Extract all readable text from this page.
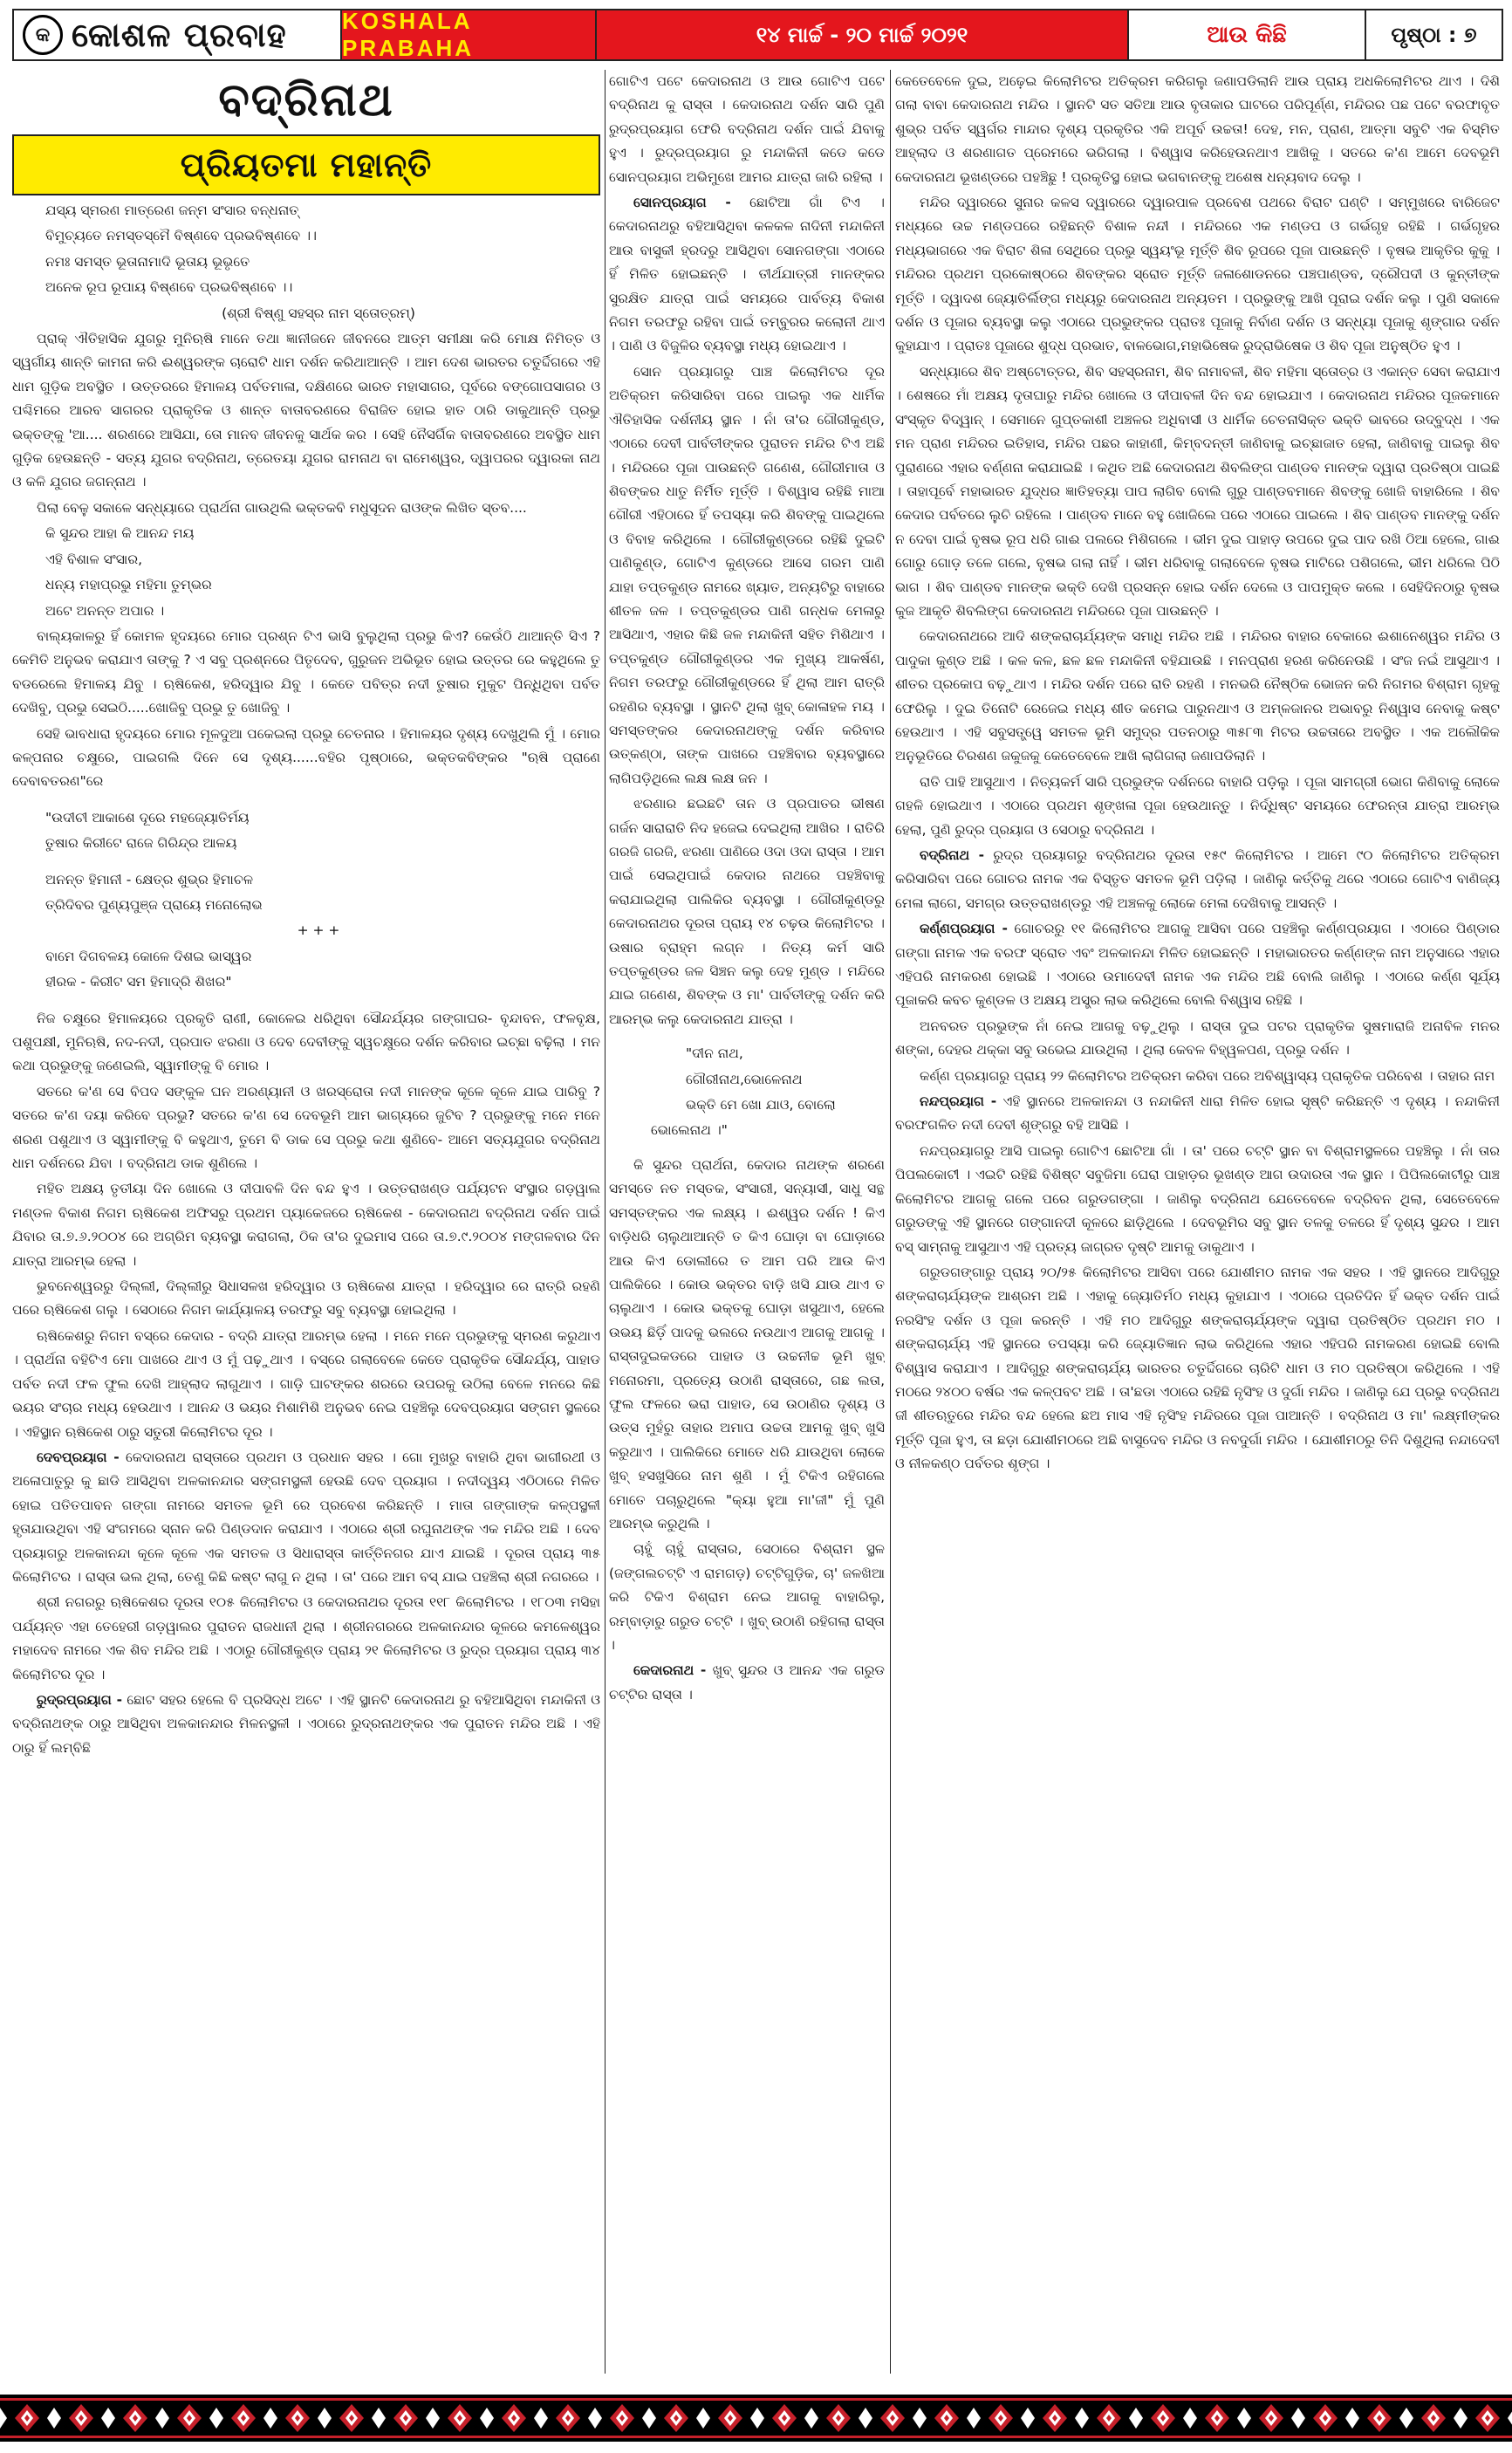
କ କୋଶଳ ପ୍ରବାହ KOSHALA PRABAHA	୧୪ ମାର୍ଚ୍ଚ - ୨୦ ମାର୍ଚ୍ଚ ୨୦୨୧	ଆଉ କିଛି	ପୃଷ୍ଠା : ୭
ବଦ୍ରିନାଥ
ପ୍ରିୟତମା ମହାନ୍ତି

ଯସ୍ୟ ସ୍ମରଣ ମାତ୍ରେଣ ଜନ୍ମ ସଂସାର ବନ୍ଧନାତ୍

ବିମୁଚ୍ୟତେ ନମସ୍ତସ୍ମୈ ବିଷ୍ଣବେ ପ୍ରଭବିଷ୍ଣବେ ।।

ନମଃ ସମସ୍ତ ଭୂତାନାମାଦି ଭୂତାୟ ଭୂଭୃତେ

ଅନେକ ରୂପ ରୂପାୟ ବିଷ୍ଣବେ ପ୍ରଭବିଷ୍ଣବେ ।।

(ଶ୍ରୀ ବିଷ୍ଣୁ ସହସ୍ର ନାମ ସ୍ତୋତ୍ରମ୍)

ପ୍ରାକ୍ ଐତିହାସିକ ଯୁଗରୁ ମୁନିଋଷି ମାନେ ତଥା ଜ୍ଞାନୀଜନେ ଜୀବନରେ ଆତ୍ମ ସମୀକ୍ଷା କରି ମୋକ୍ଷ ନିମିତ୍ତ ଓ ସ୍ୱର୍ଗୀୟ ଶାନ୍ତି କାମନା କରି ଈଶ୍ୱରଙ୍କ ଚାରୋଟି ଧାମ ଦର୍ଶନ କରିଥାଆନ୍ତି । ଆମ ଦେଶ ଭାରତର ଚତୁର୍ଦ୍ଦିଗରେ ଏହି ଧାମ ଗୁଡ଼ିକ ଅବସ୍ଥିତ । ଉତ୍ତରରେ ହିମାଳୟ ପର୍ବତମାଳା, ଦକ୍ଷିଣରେ ଭାରତ ମହାସାଗର, ପୂର୍ବରେ ବଙ୍ଗୋପସାଗର ଓ ପଶ୍ଚିମରେ ଆରବ ସାଗରର ପ୍ରାକୃତିକ ଓ ଶାନ୍ତ ବାତାବରଣରେ ବିରାଜିତ ହୋଇ ହାତ ଠାରି ଡାକୁଥାନ୍ତି ପ୍ରଭୁ ଭକ୍ତଙ୍କୁ 'ଆ.... ଶରଣରେ ଆସିଯା, ତୋ ମାନବ ଜୀବନକୁ ସାର୍ଥକ କର । ସେହି ନୈସର୍ଗିକ ବାତାବରଣରେ ଅବସ୍ଥିତ ଧାମ ଗୁଡ଼ିକ ହେଉଛନ୍ତି - ସତ୍ୟ ଯୁଗର ବଦ୍ରିନାଥ, ତ୍ରେତୟା ଯୁଗର ରାମନାଥ ବା ରାମେଶ୍ୱର, ଦ୍ୱାପରର ଦ୍ୱାରକା ନାଥ ଓ କଳି ଯୁଗର ଜଗନ୍ନାଥ ।

ପିଲା ବେଳୁ ସକାଳେ ସନ୍ଧ୍ୟାରେ ପ୍ରାର୍ଥନା ଗାଉଥିଲି ଭକ୍ତକବି ମଧୁସୂଦନ ରାଓଙ୍କ ଲିଖିତ ସ୍ତବ....

କି ସୁନ୍ଦର ଆହା କି ଆନନ୍ଦ ମୟ

ଏହି ବିଶାଳ ସଂସାର,

ଧନ୍ୟ ମହାପ୍ରଭୁ ମହିମା ତୁମ୍ଭର

ଅଟେ ଅନନ୍ତ ଅପାର ।

ବାଲ୍ୟକାଳରୁ ହିଁ କୋମଳ ହୃଦୟରେ ମୋର ପ୍ରଶ୍ନ ଟିଏ ଭାସି ବୁଲୁଥିଲା ପ୍ରଭୁ କିଏ? କେଉଁଠି ଥାଆନ୍ତି ସିଏ ? କେମିତି ଅନୁଭବ କରାଯାଏ ତାଙ୍କୁ ? ଏ ସବୁ ପ୍ରଶ୍ନରେ ପିତୃଦେବ, ଗୁରୁଜନ ଅଭିଭୂତ ହୋଇ ଉତ୍ତର ରେ କହୁଥିଲେ ତୁ ବଡରେଲେ ହିମାଳୟ ଯିବୁ । ଋଷିକେଶ, ହରିଦ୍ୱାର ଯିବୁ । କେତେ ପବିତ୍ର ନଦୀ ତୁଷାର ମୁକୁଟ ପିନ୍ଧିଥିବା ପର୍ବତ ଦେଖିବୁ, ପ୍ରଭୁ ସେଇଠି.....ଖୋଜିବୁ ପ୍ରଭୁ ତୁ ଖୋଜିବୁ ।

ସେହି ଭାବଧାରା ହୃଦୟରେ ମୋର ମୂଳଦୁଆ ପକେଇଲା ପ୍ରଭୁ ଚେତନାର । ହିମାଳୟର ଦୃଶ୍ୟ ଦେଖୁଥିଲି ମୁଁ । ମୋର କଳ୍ପନାର ଚକ୍ଷୁରେ, ପାଇଗଲି ଦିନେ ସେ ଦୃଶ୍ୟ......ବହିର ପୃଷ୍ଠାରେ, ଭକ୍ତକବିଙ୍କର "ଋଷି ପ୍ରାଣେ ଦେବାବତରଣ"ରେ

"ଉଦୀଚୀ ଆକାଶେ ଦୂରେ ମହଜ୍ୟୋତିର୍ମୟ

ତୁଷାର କିରୀଟେ ରାଜେ ଗିରିନ୍ଦ୍ର ଆଳୟ

ଅନନ୍ତ ହିମାନୀ - କ୍ଷେତ୍ର ଶୁଭ୍ର ହିମାଚଳ

ତ୍ରିଦିବର ପୁଣ୍ୟପୁଞ୍ଜ ପ୍ରାୟେ ମନୋଲୋଭ

+ + +

ବାମେ ଦିଗବଳୟ କୋଳେ ଦିଶଇ ଭାସ୍ୱର

ହୀରକ - କିରୀଟ ସମ ହିମାଦ୍ରି ଶିଖର"

ନିଜ ଚକ୍ଷୁରେ ହିମାଳୟରେ ପ୍ରକୃତି ରାଣୀ, କୋଳେଇ ଧରିଥିବା ସୌନ୍ଦର୍ଯ୍ୟର ଗଙ୍ଗାଘର- ବୃନ୍ଦାବନ, ଫଳବୃକ୍ଷ, ପଶୁପକ୍ଷୀ, ମୁନିଋଷି, ନଦ-ନଦୀ, ପ୍ରପାତ ଝରଣା ଓ ଦେବ ଦେବୀଙ୍କୁ ସ୍ୱଚକ୍ଷୁରେ ଦର୍ଶନ କରିବାର ଇଚ୍ଛା ବଢ଼ିଲା । ମନ କଥା ପ୍ରଭୁଙ୍କୁ ଜଣେଇଲି, ସ୍ୱାମୀଙ୍କୁ ବି ମୋର ।

ସତରେ କ'ଣ ସେ ବିପଦ ସଙ୍କୁଳ ଘନ ଅରଣ୍ୟାନୀ ଓ ଖରସ୍ରୋତା ନଦୀ ମାନଙ୍କ କୂଳେ କୂଳେ ଯାଇ ପାରିବୁ ? ସତରେ କ'ଣ ଦୟା କରିବେ ପ୍ରଭୁ? ସତରେ କ'ଣ ସେ ଦେବଭୂମି ଆମ ଭାଗ୍ୟରେ ଜୁଟିବ ? ପ୍ରଭୁଙ୍କୁ ମନେ ମନେ ଶରଣ ପଶୁଥାଏ ଓ ସ୍ୱାମୀଙ୍କୁ ବି କହୁଥାଏ, ତୁମେ ବି ଡାକ ସେ ପ୍ରଭୁ କଥା ଶୁଣିବେ- ଆମେ ସତ୍ୟଯୁଗର ବଦ୍ରିନାଥ ଧାମ ଦର୍ଶନରେ ଯିବା । ବଦ୍ରିନାଥ ଡାକ ଶୁଣିଲେ ।

ମହିତ ଅକ୍ଷୟ ତୃତୀୟା ଦିନ ଖୋଲେ ଓ ଦୀପାବଳି ଦିନ ବନ୍ଦ ହୁଏ । ଉତ୍ତରାଖଣ୍ଡ ପର୍ଯ୍ୟଟନ ସଂସ୍ଥାର ଗଡ଼ୱାଲ ମଣ୍ଡଳ ବିକାଶ ନିଗମ ଋଷିକେଶ ଅଫିସରୁ ପ୍ରଥମ ପ୍ୟାକେଜରେ ଋଷିକେଶ - କେଦାରନାଥ ବଦ୍ରିନାଥ ଦର୍ଶନ ପାଇଁ ଯିବାର ତା.୭.୬.୨୦୦୪ ରେ ଅଗ୍ରିମ ବ୍ୟବସ୍ଥା କରାଗଲା, ଠିକ ତା'ର ଦୁଇମାସ ପରେ ତା.୭.୯.୨୦୦୪ ମଙ୍ଗଳବାର ଦିନ ଯାତ୍ରା ଆରମ୍ଭ ହେଲା ।

ଭୁବନେଶ୍ୱରରୁ ଦିଲ୍ଲୀ, ଦିଲ୍ଲୀରୁ ସିଧାସଳଖ ହରିଦ୍ୱାର ଓ ଋଷିକେଶ ଯାତ୍ରା । ହରିଦ୍ୱାର ରେ ରାତ୍ରି ରହଣି ପରେ ଋଷିକେଶ ଗଲୁ । ସେଠାରେ ନିଗମ କାର୍ଯ୍ୟାଳୟ ତରଫରୁ ସବୁ ବ୍ୟବସ୍ଥା ହୋଇଥିଲା ।

ଋଷିକେଶରୁ ନିଗମ ବସ୍‌ରେ କେଦାର - ବଦ୍ରି ଯାତ୍ରା ଆରମ୍ଭ ହେଲା । ମନେ ମନେ ପ୍ରଭୁଙ୍କୁ ସ୍ମରଣ କରୁଥାଏ । ପ୍ରାର୍ଥନା ବହିଟିଏ ମୋ ପାଖରେ ଥାଏ ଓ ମୁଁ ପଢ଼ୁଥାଏ । ବସ୍‌ରେ ଗଲାବେଳେ କେତେ ପ୍ରାକୃତିକ ସୌନ୍ଦର୍ଯ୍ୟ, ପାହାଡ ପର୍ବତ ନଦୀ ଫଳ ଫୁଲ ଦେଖି ଆହ୍ଲାଦ ଲାଗୁଥାଏ । ଗାଡ଼ି ଘାଟଙ୍କର ଶରରେ ଉପରକୁ ଉଠିଲା ବେଳେ ମନରେ କିଛି ଭୟର ସଂଚାର ମଧ୍ୟ ହେଉଥାଏ । ଆନନ୍ଦ ଓ ଭୟର ମିଶାମିଶି ଅନୁଭବ ନେଇ ପହଞ୍ଚିଲୁ ଦେବପ୍ରୟାଗ ସଙ୍ଗମ ସ୍ଥଳରେ । ଏହିସ୍ଥାନ ଋଷିକେଶ ଠାରୁ ସତୁରୀ କିଲୋମିଟର ଦୂର ।

ଦେବପ୍ରୟାଗ - କେଦାରନାଥ ରାସ୍ତାରେ ପ୍ରଥମ ଓ ପ୍ରଧାନ ସହର । ଗୋ ମୁଖରୁ ବାହାରି ଥିବା ଭାଗୀରଥୀ ଓ ଅଳୋପାତୁରୁ କୁ ଛାଡି ଆସିଥିବା ଅଳକାନନ୍ଦାର ସଙ୍ଗମସ୍ଥଳୀ ହେଉଛି ଦେବ ପ୍ରୟାଗ । ନଦୀଦ୍ୱୟ ଏଠିଠାରେ ମିଳିତ ହୋଇ ପତିତପାବନ ଗଙ୍ଗା ନାମରେ ସମତଳ ଭୂମି ରେ ପ୍ରବେଶ କରିଛନ୍ତି । ମାତା ଗଙ୍ଗାଙ୍କ କଳ୍ପସ୍ଥଳୀ ହୃତାଯାଉଥିବା ଏହି ସଂଗମରେ ସ୍ନାନ କରି ପିଣ୍ଡଦାନ କରାଯାଏ । ଏଠାରେ ଶ୍ରୀ ରଘୁନାଥଙ୍କ ଏକ ମନ୍ଦିର ଅଛି । ଦେବ ପ୍ରୟାଗରୁ ଅଳକାନନ୍ଦା କୂଳେ କୂଳେ ଏକ ସମତଳ ଓ ସିଧାରାସ୍ତା କାର୍ତ୍ତିନଗର ଯାଏ ଯାଇଛି । ଦୂରତା ପ୍ରାୟ ୩୫ କିଲୋମିଟର । ରାସ୍ତା ଭଲ ଥିଲା, ତେଣୁ କିଛି କଷ୍ଟ ଲାଗୁ ନ ଥିଲା । ତା' ପରେ ଆମ ବସ୍ ଯାଇ ପହଞ୍ଚିଲା ଶ୍ରୀ ନଗରରେ ।

ଶ୍ରୀ ନଗରରୁ ଋଷିକେଶର ଦୂରତା ୧୦୫ କିଲୋମିଟର ଓ କେଦାରନାଥର ଦୂରତା ୧୧୮ କିଲୋମିଟର । ୧୮୦୩ ମସିହା ପର୍ଯ୍ୟନ୍ତ ଏହା ତେହେରୀ ଗଡ଼ୱାଲର ପୁରାତନ ରାଜଧାନୀ ଥିଲା । ଶ୍ରୀନଗରରେ ଅଳକାନନ୍ଦାର କୂଳରେ କମଳେଶ୍ୱର ମହାଦେବ ନାମରେ ଏକ ଶିବ ମନ୍ଦିର ଅଛି । ଏଠାରୁ ଗୌରୀକୁଣ୍ଡ ପ୍ରାୟ ୨୧ କିଲୋମିଟର ଓ ରୁଦ୍ର ପ୍ରୟାଗ ପ୍ରାୟ ୩୪ କିଲୋମିଟର ଦୂର ।

ରୁଦ୍ରପ୍ରୟାଗ - ଛୋଟ ସହର ହେଲେ ବି ପ୍ରସିଦ୍ଧ ଅଟେ । ଏହି ସ୍ଥାନଟି କେଦାରନାଥ ରୁ ବହିଆସିଥିବା ମନ୍ଦାକିନୀ ଓ ବଦ୍ରିନାଥଙ୍କ ଠାରୁ ଆସିଥିବା ଅଳକାନନ୍ଦାର ମିଳନସ୍ଥଳୀ । ଏଠାରେ ରୁଦ୍ରନାଥଙ୍କର ଏକ ପୁରାତନ ମନ୍ଦିର ଅଛି । ଏହି ଠାରୁ ହିଁ ଲମ୍ବିଛି

ଗୋଟିଏ ପଟେ କେଦାରନାଥ ଓ ଆଉ ଗୋଟିଏ ପଟେ ବଦ୍ରିନାଥ କୁ ରାସ୍ତା । କେଦାରନାଥ ଦର୍ଶନ ସାରି ପୁଣି ରୁଦ୍ରପ୍ରୟାଗ ଫେରି ବଦ୍ରିନାଥ ଦର୍ଶନ ପାଇଁ ଯିବାକୁ ହୁଏ । ରୁଦ୍ରପ୍ରୟାଗ ରୁ ମନ୍ଦାକିନୀ କଡେ କଡେ ସୋନପ୍ରୟାଗ ଅଭିମୁଖେ ଆମର ଯାତ୍ରା ଜାରି ରହିଲା ।

ସୋନପ୍ରୟାଗ - ଛୋଟିଆ ଗାଁ ଟିଏ । କେଦାରନାଥରୁ ବହିଆସିଥିବା କଳକଳ ନାଦିନୀ ମନ୍ଦାକିନୀ ଆଉ ବାସୁକୀ ହ୍ରଦରୁ ଆସିଥିବା ସୋନଗଙ୍ଗା ଏଠାରେ ହିଁ ମିଳିତ ହୋଇଛନ୍ତି । ତୀର୍ଥଯାତ୍ରୀ ମାନଙ୍କର ସୁରକ୍ଷିତ ଯାତ୍ରା ପାଇଁ ସମୟରେ ପାର୍ବତ୍ୟ ବିକାଶ ନିଗମ ତରଫରୁ ରହିବା ପାଇଁ ତମ୍ବୁରର କଲୋନୀ ଥାଏ । ପାଣି ଓ ବିଜୁଳିର ବ୍ୟବସ୍ଥା ମଧ୍ୟ ହୋଇଥାଏ ।

ସୋନ ପ୍ରୟାଗରୁ ପାଞ୍ଚ କିଲୋମିଟର ଦୂର ଅତିକ୍ରମ କରିସାରିବା ପରେ ପାଇଲୁ ଏକ ଧାର୍ମିକ ଐତିହାସିକ ଦର୍ଶନୀୟ ସ୍ଥାନ । ନାଁ ତା'ର ଗୌରୀକୁଣ୍ଡ, ଏଠାରେ ଦେବୀ ପାର୍ବତୀଙ୍କର ପୁରାତନ ମନ୍ଦିର ଟିଏ ଅଛି । ମନ୍ଦିରରେ ପୂଜା ପାଉଛନ୍ତି ଗଣେଶ, ଗୌରୀମାତା ଓ ଶିବଙ୍କର ଧାତୁ ନିର୍ମିତ ମୂର୍ତ୍ତି । ବିଶ୍ୱାସ ରହିଛି ମାଆ ଗୌରୀ ଏହିଠାରେ ହିଁ ତପସ୍ୟା କରି ଶିବଙ୍କୁ ପାଇଥିଲେ ଓ ବିବାହ କରିଥିଲେ । ଗୌରୀକୁଣ୍ଡରେ ରହିଛି ଦୁଇଟି ପାଣିକୁଣ୍ଡ, ଗୋଟିଏ କୁଣ୍ଡରେ ଆସେ ଗରମ ପାଣି ଯାହା ତପ୍ତକୁଣ୍ଡ ନାମରେ ଖ୍ୟାତ, ଅନ୍ୟଟିରୁ ବାହାରେ ଶୀତଳ ଜଳ । ତପ୍ତକୁଣ୍ଡର ପାଣି ଗନ୍ଧକ ମେଳାରୁ ଆସିଥାଏ, ଏହାର କିଛି ଜଳ ମନ୍ଦାକିନୀ ସହିତ ମିଶିଥାଏ । ତପ୍ତକୁଣ୍ଡ ଗୌରୀକୁଣ୍ଡର ଏକ ମୁଖ୍ୟ ଆକର୍ଷଣ, ନିଗମ ତରଫରୁ ଗୌରୀକୁଣ୍ଡରେ ହିଁ ଥିଲା ଆମ ରାତ୍ରି ରହଣିର ବ୍ୟବସ୍ଥା । ସ୍ଥାନଟି ଥିଲା ଖୁବ୍ କୋଳାହଳ ମୟ । ସମସ୍ତଙ୍କର କେଦାରନାଥଙ୍କୁ ଦର୍ଶନ କରିବାର ଉତ୍କଣ୍ଠା, ତାଙ୍କ ପାଖରେ ପହଞ୍ଚିବାର ବ୍ୟବସ୍ଥାରେ ଲାଗିପଡ଼ିଥିଲେ ଲକ୍ଷ ଲକ୍ଷ ଜନ ।

ଝରଣାର ଛଇଛଟି ତାନ ଓ ପ୍ରପାତର ଭୀଷଣ ଗର୍ଜନ ସାରାରାତି ନିଦ ହଜେଇ ଦେଇଥିଲା ଆଖିର । ରାତିରି ଗରଜି ଗରଜି, ଝରଣା ପାଣିରେ ଓଦା ଓଦା ରାସ୍ତା । ଆମ ପାଇଁ ସେଇଥିପାଇଁ କେଦାର ନାଥରେ ପହଞ୍ଚିବାକୁ କରାଯାଇଥିଲା ପାଲିକିର ବ୍ୟବସ୍ଥା । ଗୌରୀକୁଣ୍ଡରୁ କେଦାରନାଥର ଦୂରତା ପ୍ରାୟ ୧୪ ଚଢ଼ଉ କିଲୋମିଟର । ଉଷାର ବ୍ରାହ୍ମ ଲଗ୍ନ । ନିତ୍ୟ କର୍ମ ସାରି ତପ୍ତକୁଣ୍ଡର ଜଳ ସିଞ୍ଚନ କଲୁ ଦେହ ମୁଣ୍ଡ । ମନ୍ଦିରେ ଯାଇ ଗଣେଶ, ଶିବଙ୍କ ଓ ମା' ପାର୍ବତୀଙ୍କୁ ଦର୍ଶନ କରି ଆରମ୍ଭ କଲୁ କେଦାରନାଥ ଯାତ୍ରା ।

"ଦୀନ ନାଥ,

ଗୌରୀନାଥ,ଭୋଳେନାଥ

ଭକ୍ତି ମେ ଖୋ ଯାଓ, ବୋଲୋ

ଭୋଲେନାଥ ।"

କି ସୁନ୍ଦର ପ୍ରାର୍ଥନା, କେଦାର ନାଥଙ୍କ ଶରଣେ ସମସ୍ତେ ନତ ମସ୍ତକ, ସଂସାରୀ, ସନ୍ୟାସୀ, ସାଧୁ ସନ୍ଥ ସମସ୍ତଙ୍କର ଏକ ଲକ୍ଷ୍ୟ । ଈଶ୍ୱର ଦର୍ଶନ ! କିଏ ବାଡ଼ିଧରି ଚାଲୁଥାଆନ୍ତି ତ କିଏ ଘୋଡ଼ା ବା ଘୋଡ଼ାରେ ଆଉ କିଏ ଡୋଲୀରେ ତ ଆମ ପରି ଆଉ କିଏ ପାଲିକିରେ । କୋଉ ଭକ୍ତର ବାଡ଼ି ଖସି ଯାଉ ଥାଏ ତ ଚାଲୁଥାଏ । କୋଉ ଭକ୍ତକୁ ଘୋଡ଼ା ଖସୁଥାଏ, ହେଲେ ଉଭୟ ଛିଡ଼ିଁ ପାଦକୁ ଭଲରେ ନଉଥାଏ ଆଗକୁ ଆଗକୁ । ରାସ୍ତାଦୁଇକଡରେ ପାହାଡ ଓ ଉଚ୍ଚନୀଚ୍ଚ ଭୂମି ଖୁବ୍ ମନୋରମା, ପ୍ରତ୍ୟେ ଉଠାଣି ରାସ୍ତାରେ, ଗଛ ଲତା, ଫୁଲ ଫଳରେ ଭରା ପାହାଡ, ସେ ଉଠାଣିର ଦୃଶ୍ୟ ଓ ଉତ୍ସ ମୁହଁରୁ ତାହାର ଅମାପ ଉଚ୍ଚତା ଆମକୁ ଖୁବ୍ ଖୁସି କରୁଥାଏ । ପାଲିକିରେ ମୋତେ ଧରି ଯାଉଥିବା ଲୋକେ ଖୁବ୍ ହସଖୁସିରେ ନାମ ଶୁଣି । ମୁଁ ଟିକିଏ ରହିଗଲେ ମୋତେ ପଚାରୁଥିଲେ "କ୍ୟା ହୁଆ ମା'ଜୀ" ମୁଁ ପୁଣି ଆରମ୍ଭ କରୁଥିଲି ।

ଚାହୁଁ ଚାହୁଁ ରାସ୍ତାର, ସେଠାରେ ବିଶ୍ରାମ ସ୍ଥଳ (ଜଙ୍ଗଲଚଟ୍ଟି ଏ ରାମଗଡ଼) ଚଟ୍ଟିଗୁଡ଼ିକ, ଚା' ଜଳଖିଆ କରି ଟିକିଏ ବିଶ୍ରାମ ନେଇ ଆଗକୁ ବାହାରିଲୁ, ରମ୍ବାଡ଼ାରୁ ଗରୁଡ ଚଟ୍ଟି । ଖୁବ୍ ଉଠାଣି ରହିଗଲା ରାସ୍ତା ।

କେଦାରନାଥ - ଖୁବ୍ ସୁନ୍ଦର ଓ ଆନନ୍ଦ ଏକ ଗରୁଡ ଚଟ୍ଟିର ରାସ୍ତା ।

କେତେବେଳେ ଦୁଇ, ଅଢ଼େଇ କିଲୋମିଟର ଅତିକ୍ରମ କରିଗଲୁ ଜଣାପଡିଲାନି ଆଉ ପ୍ରାୟ ଅଧକିଲୋମିଟର ଥାଏ । ଦିଶି ଗଲା ବାବା କେଦାରନାଥ ମନ୍ଦିର । ସ୍ଥାନଟି ସତ ସତିଆ ଆଉ ବୃତାକାର ଘାଟରେ ପରିପୂର୍ଣ୍ଣ, ମନ୍ଦିରର ପଛ ପଟେ ବରଫାବୃତ ଶୁଭ୍ର ପର୍ବତ ସ୍ୱର୍ଗର ମାନ୍ଦାର ଦୃଶ୍ୟ ପ୍ରକୃତିର ଏକି ଅପୂର୍ବ ଉଚ୍ଚତା! ଦେହ, ମନ, ପ୍ରାଣ, ଆତ୍ମା ସବୁଟି ଏକ ବିସ୍ମିତ ଆହ୍ଲାଦ ଓ ଶରଣାଗତ ପ୍ରେମରେ ଭରିଗଲା । ବିଶ୍ୱାସ କରିହେଉନଥାଏ ଆଖିକୁ । ସତରେ କ'ଣ ଆମେ ଦେବଭୂମି କେଦାରନାଥ ଭୂଖଣ୍ଡରେ ପହଞ୍ଚିଛୁ ! ପ୍ରକୃତିସ୍ଥ ହୋଇ ଭଗବାନଙ୍କୁ ଅଶେଷ ଧନ୍ୟବାଦ ଦେଲୁ ।

ମନ୍ଦିର ଦ୍ୱାରରେ ସୁନାର କଳସ ଦ୍ୱାରରେ ଦ୍ୱାରପାଳ ପ୍ରବେଶ ପଥରେ ବିରାଟ ଘଣ୍ଟି । ସମ୍ମୁଖରେ ବାରିଜେଟ ମଧ୍ୟରେ ଉଚ୍ଚ ମଣ୍ଡପରେ ରହିଛନ୍ତି ବିଶାଳ ନନ୍ଦୀ । ମନ୍ଦିରରେ ଏକ ମଣ୍ଡପ ଓ ଗର୍ଭଗୃହ ରହିଛି । ଗର୍ଭଗୃହର ମଧ୍ୟଭାଗରେ ଏକ ବିରାଟ ଶିଳା ସେଥିରେ ପ୍ରଭୁ ସ୍ୱୟଂଭୂ ମୂର୍ତ୍ତି ଶିବ ରୂପରେ ପୂଜା ପାଉଛନ୍ତି । ବୃଷଭ ଆକୃତିର କୁକୁ । ମନ୍ଦିରର ପ୍ରଥମ ପ୍ରକୋଷ୍ଠରେ ଶିବଙ୍କର ସ୍ରୋତ ମୂର୍ତ୍ତି ଜଳାଶୋଡନରେ ପଞ୍ଚପାଣ୍ଡବ, ଦ୍ରୌପଦୀ ଓ କୁନ୍ତୀଙ୍କ ମୂର୍ତ୍ତି । ଦ୍ୱାଦଶ ଜ୍ୟୋତିର୍ଲିଙ୍ଗ ମଧ୍ୟରୁ କେଦାରନାଥ ଅନ୍ୟତମ । ପ୍ରଭୁଙ୍କୁ ଆଖି ପୂରାଇ ଦର୍ଶନ କଲୁ । ପୁଣି ସକାଳେ ଦର୍ଶନ ଓ ପୂଜାର ବ୍ୟବସ୍ଥା କଲୁ ଏଠାରେ ପ୍ରଭୁଙ୍କର ପ୍ରାତଃ ପୂଜାକୁ ନିର୍ବାଣ ଦର୍ଶନ ଓ ସନ୍ଧ୍ୟା ପୂଜାକୁ ଶୃଙ୍ଗାର ଦର୍ଶନ କୁହାଯାଏ । ପ୍ରାତଃ ପୂଜାରେ ଶୁଦ୍ଧ ପ୍ରଭାତ, ବାଳଭୋଗ,ମହାଭିଷେକ ରୁଦ୍ରାଭିଷେକ ଓ ଶିବ ପୂଜା ଅନୁଷ୍ଠିତ ହୁଏ ।

ସନ୍ଧ୍ୟାରେ ଶିବ ଅଷ୍ଟୋତ୍ତର, ଶିବ ସହସ୍ରନାମ, ଶିବ ନାମାବଳୀ, ଶିବ ମହିମା ସ୍ତୋତ୍ର ଓ ଏକାନ୍ତ ସେବା କରାଯାଏ । ଶେଷରେ ମାଁ ଅକ୍ଷୟ ଦୃତାଘାରୁ ମନ୍ଦିର ଖୋଲେ ଓ ଦୀପାବଳୀ ଦିନ ବନ୍ଦ ହୋଇଯାଏ । କେଦାରନାଥ ମନ୍ଦିରର ପୂଜକମାନେ ସଂସ୍କୃତ ବିଦ୍ୱାନ୍ । ସେମାନେ ଗୁପ୍ତକାଶୀ ଅଞ୍ଚଳର ଅଧିବାସୀ ଓ ଧାର୍ମିକ ଚେତନାସିକ୍ତ ଭକ୍ତି ଭାବରେ ଉଦ୍ବୁଦ୍ଧ । ଏକ ମନ ପ୍ରାଣ ମନ୍ଦିରର ଇତିହାସ, ମନ୍ଦିର ପଛର କାହାଣୀ, କିମ୍ବଦନ୍ତୀ ଜାଣିବାକୁ ଇଚ୍ଛାଜାତ ହେଲା, ଜାଣିବାକୁ ପାଇଲୁ ଶିବ ପୁରାଣରେ ଏହାର ବର୍ଣ୍ଣନା କରାଯାଇଛି । କଥିତ ଅଛି କେଦାରନାଥ ଶିବଲିଙ୍ଗ ପାଣ୍ଡବ ମାନଙ୍କ ଦ୍ୱାରା ପ୍ରତିଷ୍ଠା ପାଇଛି । ତାହାପୂର୍ବେ ମହାଭାରତ ଯୁଦ୍ଧର ଜ୍ଞାତିହତ୍ୟା ପାପ ଲାଗିବ ବୋଲି ଗୁରୁ ପାଣ୍ଡବମାନେ ଶିବଙ୍କୁ ଖୋଜି ବାହାରିଲେ । ଶିବ କେଦାର ପର୍ବତରେ ଲୁଚି ରହିଲେ । ପାଣ୍ଡବ ମାନେ ବହୁ ଖୋଜିଲେ ପରେ ଏଠାରେ ପାଇଲେ । ଶିବ ପାଣ୍ଡବ ମାନଙ୍କୁ ଦର୍ଶନ ନ ଦେବା ପାଇଁ ବୃଷଭ ରୂପ ଧରି ଗାଈ ପଲରେ ମିଶିଗଲେ । ଭୀମ ଦୁଇ ପାହାଡ଼ ଉପରେ ଦୁଇ ପାଦ ରଖି ଠିଆ ହେଲେ, ଗାଈ ଗୋରୁ ଗୋଡ଼ ତଳେ ଗଲେ, ବୃଷଭ ଗଲା ନାହିଁ । ଭୀମ ଧରିବାକୁ ଗଲାବେଳେ ବୃଷଭ ମାଟିରେ ପଶିଗଲେ, ଭୀମ ଧରିଲେ ପିଠି ଭାଗ । ଶିବ ପାଣ୍ଡବ ମାନଙ୍କ ଭକ୍ତି ଦେଖି ପ୍ରସନ୍ନ ହୋଇ ଦର୍ଶନ ଦେଲେ ଓ ପାପମୁକ୍ତ କଲେ । ସେହିଦିନଠାରୁ ବୃଷଭ କୁଜ ଆକୃତି ଶିବଲିଙ୍ଗ କେଦାରନାଥ ମନ୍ଦିରରେ ପୂଜା ପାଉଛନ୍ତି ।

କେଦାରନାଥରେ ଆଦି ଶଙ୍କରାଚାର୍ଯ୍ୟଙ୍କ ସମାଧି ମନ୍ଦିର ଅଛି । ମନ୍ଦିରର ବାହାର ବେକାରେ ଈଶାନେଶ୍ୱର ମନ୍ଦିର ଓ ପାଦୁକା କୁଣ୍ଡ ଅଛି । କଳ କଳ, ଛଳ ଛଳ ମନ୍ଦାକିନୀ ବହିଯାଉଛି । ମନପ୍ରାଣ ହରଣ କରିନେଉଛି । ସଂଜ ନଇଁ ଆସୁଥାଏ । ଶୀତର ପ୍ରକୋପ ବଢ଼ୁଥାଏ । ମନ୍ଦିର ଦର୍ଶନ ପରେ ରାତି ରହଣି । ମନଭରି ନୈଷ୍ଠିକ ଭୋଜନ କରି ନିଗମର ବିଶ୍ରାମ ଗୃହକୁ ଫେରିଲୁ । ଦୁଇ ତିନୋଟି ରେଜେଇ ମଧ୍ୟ ଶୀତ କମେଇ ପାରୁନଥାଏ ଓ ଅମ୍ଳଜାନର ଅଭାବରୁ ନିଶ୍ୱାସ ନେବାକୁ କଷ୍ଟ ହେଉଥାଏ । ଏହି ସବୁସତ୍ତ୍ୱେ ସମତଳ ଭୂମି ସମୁଦ୍ର ପତନଠାରୁ ୩୫୮୩ ମିଟର ଉଚ୍ଚତାରେ ଅବସ୍ଥିତ । ଏକ ଅଲୌକିକ ଅନୁଭୂତିରେ ଚିରଶଣ ଜକୁଜକୁ କେତେବେଳେ ଆଖି ଲାଗିଗଲା ଜଣାପଡିଲାନି ।

ରାତି ପାହି ଆସୁଥାଏ । ନିତ୍ୟକର୍ମ ସାରି ପ୍ରଭୁଙ୍କ ଦର୍ଶନରେ ବାହାରି ପଡ଼ିଲୁ । ପୂଜା ସାମଗ୍ରୀ ଭୋଗ କିଣିବାକୁ ଲୋକେ ଗହଳି ହୋଇଥାଏ । ଏଠାରେ ପ୍ରଥମ ଶୃଙ୍ଖଳା ପୂଜା ହେଉଥାନ୍ତୁ । ନିର୍ଦ୍ଧିଷ୍ଟ ସମୟରେ ଫେରନ୍ତା ଯାତ୍ରା ଆରମ୍ଭ ହେଲା, ପୁଣି ରୁଦ୍ର ପ୍ରୟାଗ ଓ ସେଠାରୁ ବଦ୍ରିନାଥ ।

ବଦ୍ରିନାଥ - ରୁଦ୍ର ପ୍ରୟାଗରୁ ବଦ୍ରିନାଥର ଦୂରତା ୧୫୯ କିଲୋମିଟର । ଆମେ ୯୦ କିଲୋମିଟର ଅତିକ୍ରମ କରିସାରିବା ପରେ ଗୋଚର ନାମକ ଏକ ବିସ୍ତୃତ ସମତଳ ଭୂମି ପଡ଼ିଲା । ଜାଣିଲୁ କର୍ତ୍ତିକୁ ଥରେ ଏଠାରେ ଗୋଟିଏ ବାଣିଜ୍ୟ ମେଳା ଲାଗେ, ସମଗ୍ର ଉତ୍ତରାଖଣ୍ଡରୁ ଏହି ଅଞ୍ଚଳକୁ ଲୋକେ ମେଳା ଦେଖିବାକୁ ଆସନ୍ତି ।

କର୍ଣ୍ଣପ୍ରୟାଗ - ଗୋଚରରୁ ୧୧ କିଲୋମିଟର ଆଗକୁ ଆସିବା ପରେ ପହଞ୍ଚିଲୁ କର୍ଣ୍ଣପ୍ରୟାଗ । ଏଠାରେ ପିଣ୍ଡାର ଗଙ୍ଗା ନାମକ ଏକ ବରଫ ସ୍ରୋତ ଏବଂ ଅଳକାନନ୍ଦା ମିଳିତ ହୋଇଛନ୍ତି । ମହାଭାରତର କର୍ଣ୍ଣଙ୍କ ନାମ ଅନୁସାରେ ଏହାର ଏହିପରି ନାମକରଣ ହୋଇଛି । ଏଠାରେ ଉମାଦେବୀ ନାମକ ଏକ ମନ୍ଦିର ଅଛି ବୋଲି ଜାଣିଲୁ । ଏଠାରେ କର୍ଣ୍ଣ ସୂର୍ଯ୍ୟ ପୂଜାକରି କବଚ କୁଣ୍ଡଳ ଓ ଅକ୍ଷୟ ଅସ୍ତ୍ର ଲାଭ କରିଥିଲେ ବୋଲି ବିଶ୍ୱାସ ରହିଛି ।

ଅନବରତ ପ୍ରଭୁଙ୍କ ନାଁ ନେଇ ଆଗକୁ ବଢ଼ୁଥିଲୁ । ରାସ୍ତା ଦୁଇ ପଟର ପ୍ରାକୃତିକ ସୁଷମାରାଜି ଅନାବିଳ ମନର ଶଙ୍କା, ଦେହର ଥକ୍କା ସବୁ ଉଭେଇ ଯାଉଥିଲା । ଥିଲା କେବଳ ବିହ୍ୱଳପଣ, ପ୍ରଭୁ ଦର୍ଶନ ।

କର୍ଣ୍ଣ ପ୍ରୟାଗରୁ ପ୍ରାୟ ୨୨ କିଲୋମିଟର ଅତିକ୍ରମ କରିବା ପରେ ଅବିଶ୍ୱାସ୍ୟ ପ୍ରାକୃତିକ ପରିବେଶ । ତାହାର ନାମ

ନନ୍ଦପ୍ରୟାଗ - ଏହି ସ୍ଥାନରେ ଅଳକାନନ୍ଦା ଓ ନନ୍ଦାକିନୀ ଧାରା ମିଳିତ ହୋଇ ସୃଷ୍ଟି କରିଛନ୍ତି ଏ ଦୃଶ୍ୟ । ନନ୍ଦାକିନୀ ବରଫଗଳିତ ନଦୀ ଦେବୀ ଶୃଙ୍ଗରୁ ବହି ଆସିଛି ।

ନନ୍ଦପ୍ରୟାଗରୁ ଆସି ପାଇଲୁ ଗୋଟିଏ ଛୋଟିଆ ଗାଁ । ତା' ପରେ ଚଟ୍ଟି ସ୍ଥାନ ବା ବିଶ୍ରାମସ୍ଥଳରେ ପହଞ୍ଚିଲୁ । ନାଁ ତାର ପିପଲକୋଟୀ । ଏଇଟି ରହିଛି ବିଶିଷ୍ଟ ସବୁଜିମା ଘେରା ପାହାଡ଼ର ଭୂଖଣ୍ଡ ଆଗ ଉଦାରତା ଏକ ସ୍ଥାନ । ପିପିଲକୋଟୀରୁ ପାଞ୍ଚ କିଲୋମିଟର ଆଗକୁ ଗଲେ ପରେ ଗରୁଡଗଙ୍ଗା । ଜାଣିଲୁ ବଦ୍ରିନାଥ ଯେତେବେଳେ ବଦ୍ରିବନ ଥିଲା, ସେତେବେଳେ ଗରୁଡଙ୍କୁ ଏହି ସ୍ଥାନରେ ଗଙ୍ଗାନଦୀ କୂଳରେ ଛାଡ଼ିଥିଲେ । ଦେବଭୂମିର ସବୁ ସ୍ଥାନ ତଳକୁ ତଳରେ ହିଁ ଦୃଶ୍ୟ ସୁନ୍ଦର । ଆମ ବସ୍ ସାମ୍ନାକୁ ଆସୁଥାଏ ଏହି ପ୍ରତ୍ୟ ଜାଗ୍ରତ ଦୃଷ୍ଟି ଆମକୁ ଡାକୁଥାଏ ।

ଗରୁଡଗଙ୍ଗାରୁ ପ୍ରାୟ ୨୦/୨୫ କିଲୋମିଟର ଆସିବା ପରେ ଯୋଶୀମଠ ନାମକ ଏକ ସହର । ଏହି ସ୍ଥାନରେ ଆଦିଗୁରୁ ଶଙ୍କରାଚାର୍ଯ୍ୟଙ୍କ ଆଶ୍ରମ ଅଛି । ଏହାକୁ ଜ୍ୟୋତିର୍ମଠ ମଧ୍ୟ କୁହାଯାଏ । ଏଠାରେ ପ୍ରତିଦିନ ହିଁ ଭକ୍ତ ଦର୍ଶନ ପାଇଁ ନରସିଂହ ଦର୍ଶନ ଓ ପୂଜା କରନ୍ତି । ଏହି ମଠ ଆଦିଗୁରୁ ଶଙ୍କରାଚାର୍ଯ୍ୟଙ୍କ ଦ୍ୱାରା ପ୍ରତିଷ୍ଠିତ ପ୍ରଥମ ମଠ । ଶଙ୍କରାଚାର୍ଯ୍ୟ ଏହି ସ୍ଥାନରେ ତପସ୍ୟା କରି ଜ୍ୟୋତିଜ୍ଞାନ ଲାଭ କରିଥିଲେ ଏହାର ଏହିପରି ନାମକରଣ ହୋଇଛି ବୋଲି ବିଶ୍ୱାସ କରାଯାଏ । ଆଦିଗୁରୁ ଶଙ୍କରାଚାର୍ଯ୍ୟ ଭାରତର ଚତୁର୍ଦ୍ଦିଗରେ ଚାରିଟି ଧାମ ଓ ମଠ ପ୍ରତିଷ୍ଠା କରିଥିଲେ । ଏହି ମଠରେ ୨୪୦୦ ବର୍ଷର ଏକ କଳ୍ପବଟ ଅଛି । ତା'ଛଡା ଏଠାରେ ରହିଛି ନୃସିଂହ ଓ ଦୁର୍ଗା ମନ୍ଦିର । ଜାଣିଲୁ ଯେ ପ୍ରଭୁ ବଦ୍ରିନାଥ ଜୀ ଶୀତଋତୁରେ ମନ୍ଦିର ବନ୍ଦ ହେଲେ ଛଅ ମାସ ଏହି ନୃସିଂହ ମନ୍ଦିରରେ ପୂଜା ପାଆନ୍ତି । ବଦ୍ରିନାଥ ଓ ମା' ଲକ୍ଷ୍ମୀଙ୍କର ମୂର୍ତ୍ତି ପୂଜା ହୁଏ, ତା ଛଡ଼ା ଯୋଶୀମଠରେ ଅଛି ବାସୁଦେବ ମନ୍ଦିର ଓ ନବଦୁର୍ଗା ମନ୍ଦିର । ଯୋଶୀମଠରୁ ତିନି ଦିଶୁଥିଲା ନନ୍ଦାଦେବୀ ଓ ନୀଳକଣ୍ଠ ପର୍ବତର ଶୃଙ୍ଗ ।
